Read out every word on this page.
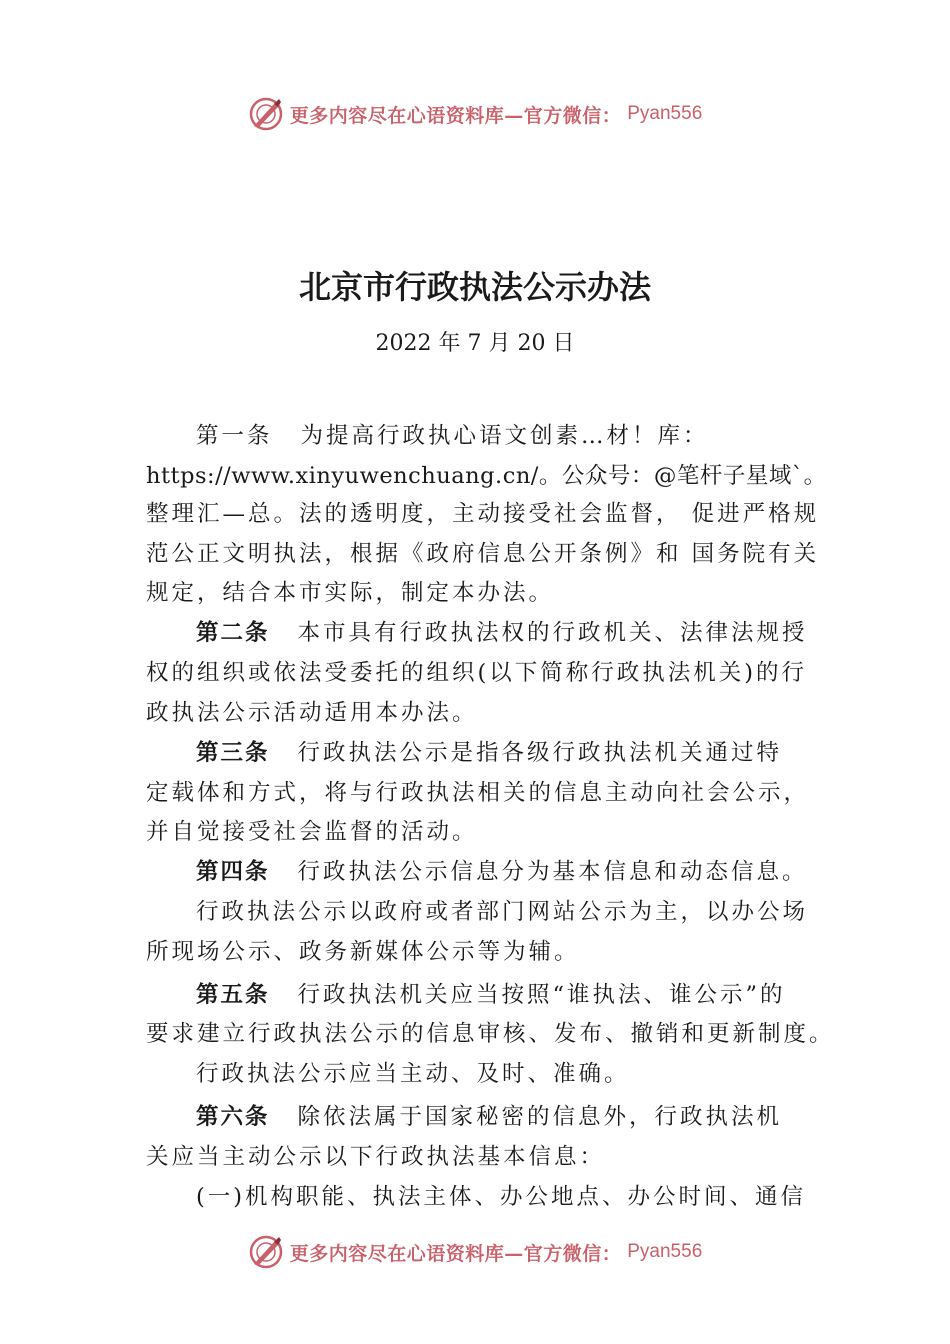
更多内容尽在心语资料库—官方微信： Pyan556
北京市行政执法公示办法
2022 年 7 月 20 日
第一条 为提高行政执心语文创素…材！库：
https://www.xinyuwenchuang.cn/。公众号：@笔杆子星域`。
整理汇—总。法的透明度，主动接受社会监督， 促进严格规
范公正文明执法，根据《政府信息公开条例》和 国务院有关
规定，结合本市实际，制定本办法。
第二条 本市具有行政执法权的行政机关、法律法规授
权的组织或依法受委托的组织(以下简称行政执法机关)的行
政执法公示活动适用本办法。
第三条 行政执法公示是指各级行政执法机关通过特
定载体和方式，将与行政执法相关的信息主动向社会公示，
并自觉接受社会监督的活动。
第四条 行政执法公示信息分为基本信息和动态信息。
行政执法公示以政府或者部门网站公示为主，以办公场
所现场公示、政务新媒体公示等为辅。
第五条 行政执法机关应当按照“谁执法、谁公示”的
要求建立行政执法公示的信息审核、发布、撤销和更新制度。
行政执法公示应当主动、及时、准确。
第六条 除依法属于国家秘密的信息外，行政执法机
关应当主动公示以下行政执法基本信息：
(一)机构职能、执法主体、办公地点、办公时间、通信
更多内容尽在心语资料库—官方微信： Pyan556
